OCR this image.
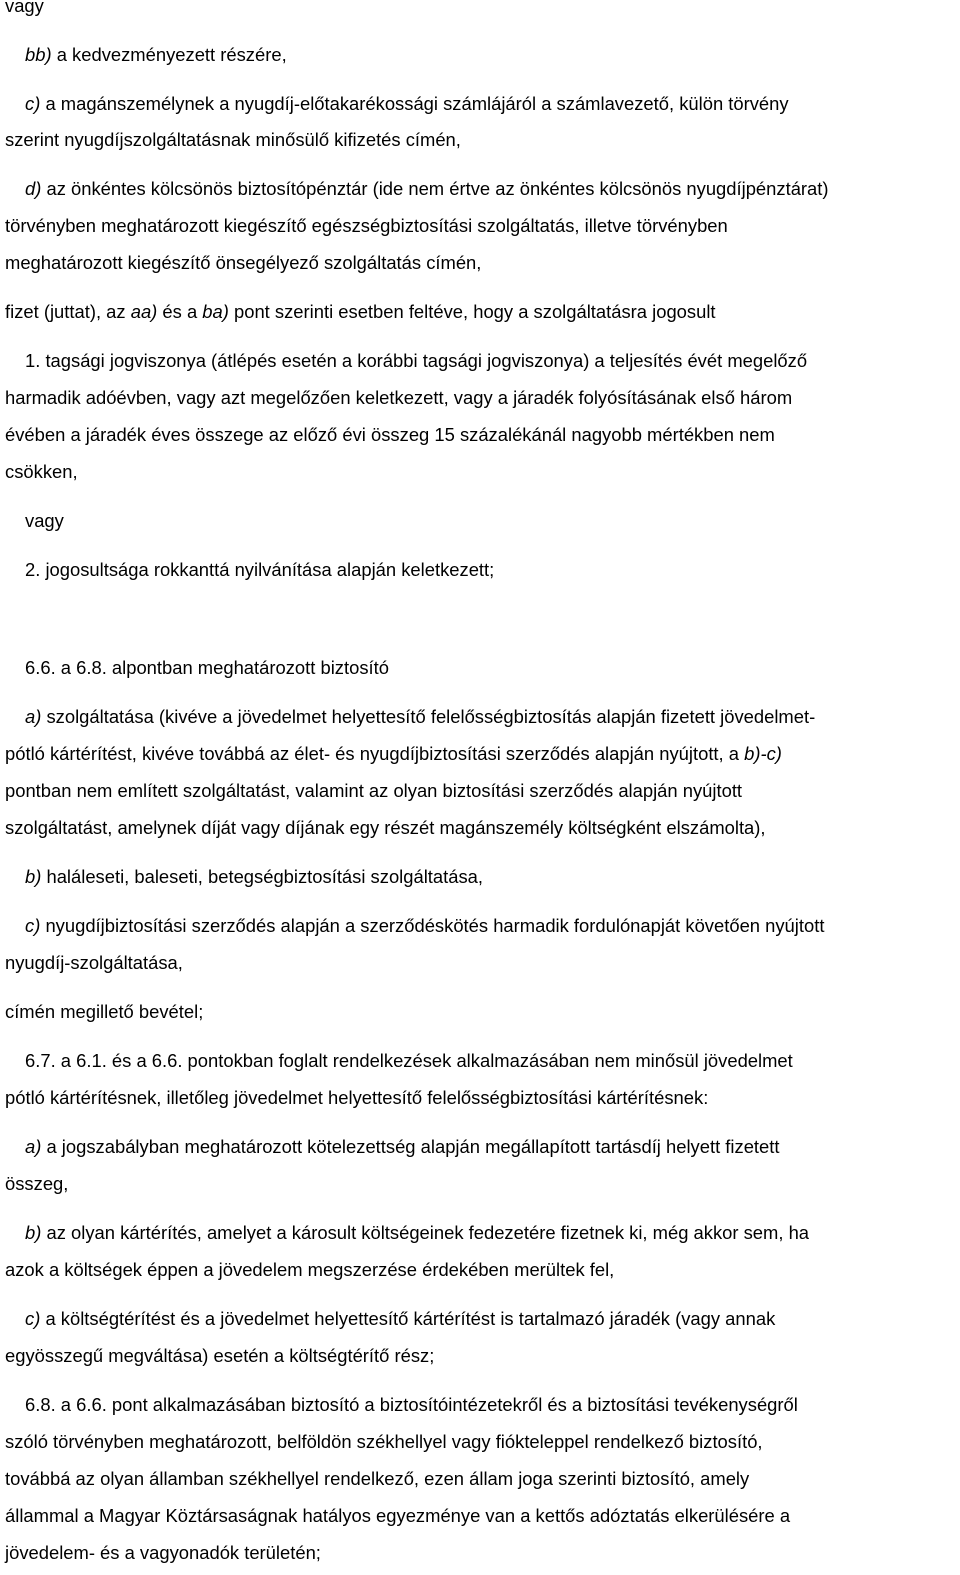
vagy

bb) a kedvezményezett részére,

c) a magánszemélynek a nyugdíj-előtakarékossági számlájáról a számlavezető, külön törvény

szerint nyugdíjszolgáltatásnak minősülő kifizetés címén,

d) az önkéntes kölcsönös biztosítópénztár (ide nem értve az önkéntes kölcsönös nyugdíjpénztárat)

törvényben meghatározott kiegészítő egészségbiztosítási szolgáltatás, illetve törvényben

meghatározott kiegészítő önsegélyező szolgáltatás címén,

fizet (juttat), az aa) és a ba) pont szerinti esetben feltéve, hogy a szolgáltatásra jogosult

1. tagsági jogviszonya (átlépés esetén a korábbi tagsági jogviszonya) a teljesítés évét megelőző

harmadik adóévben, vagy azt megelőzően keletkezett, vagy a járadék folyósításának első három

évében a járadék éves összege az előző évi összeg 15 százalékánál nagyobb mértékben nem

csökken,

vagy

2. jogosultsága rokkanttá nyilvánítása alapján keletkezett;

6.6. a 6.8. alpontban meghatározott biztosító

a) szolgáltatása (kivéve a jövedelmet helyettesítő felelősségbiztosítás alapján fizetett jövedelmet-

pótló kártérítést, kivéve továbbá az élet- és nyugdíjbiztosítási szerződés alapján nyújtott, a b)-c)

pontban nem említett szolgáltatást, valamint az olyan biztosítási szerződés alapján nyújtott

szolgáltatást, amelynek díját vagy díjának egy részét magánszemély költségként elszámolta),

b) haláleseti, baleseti, betegségbiztosítási szolgáltatása,

c) nyugdíjbiztosítási szerződés alapján a szerződéskötés harmadik fordulónapját követően nyújtott

nyugdíj-szolgáltatása,

címén megillető bevétel;

6.7. a 6.1. és a 6.6. pontokban foglalt rendelkezések alkalmazásában nem minősül jövedelmet

pótló kártérítésnek, illetőleg jövedelmet helyettesítő felelősségbiztosítási kártérítésnek:

a) a jogszabályban meghatározott kötelezettség alapján megállapított tartásdíj helyett fizetett

összeg,

b) az olyan kártérítés, amelyet a károsult költségeinek fedezetére fizetnek ki, még akkor sem, ha

azok a költségek éppen a jövedelem megszerzése érdekében merültek fel,

c) a költségtérítést és a jövedelmet helyettesítő kártérítést is tartalmazó járadék (vagy annak

egyösszegű megváltása) esetén a költségtérítő rész;

6.8. a 6.6. pont alkalmazásában biztosító a biztosítóintézetekről és a biztosítási tevékenységről

szóló törvényben meghatározott, belföldön székhellyel vagy fiókteleppel rendelkező biztosító,

továbbá az olyan államban székhellyel rendelkező, ezen állam joga szerinti biztosító, amely

állammal a Magyar Köztársaságnak hatályos egyezménye van a kettős adóztatás elkerülésére a

jövedelem- és a vagyonadók területén;
